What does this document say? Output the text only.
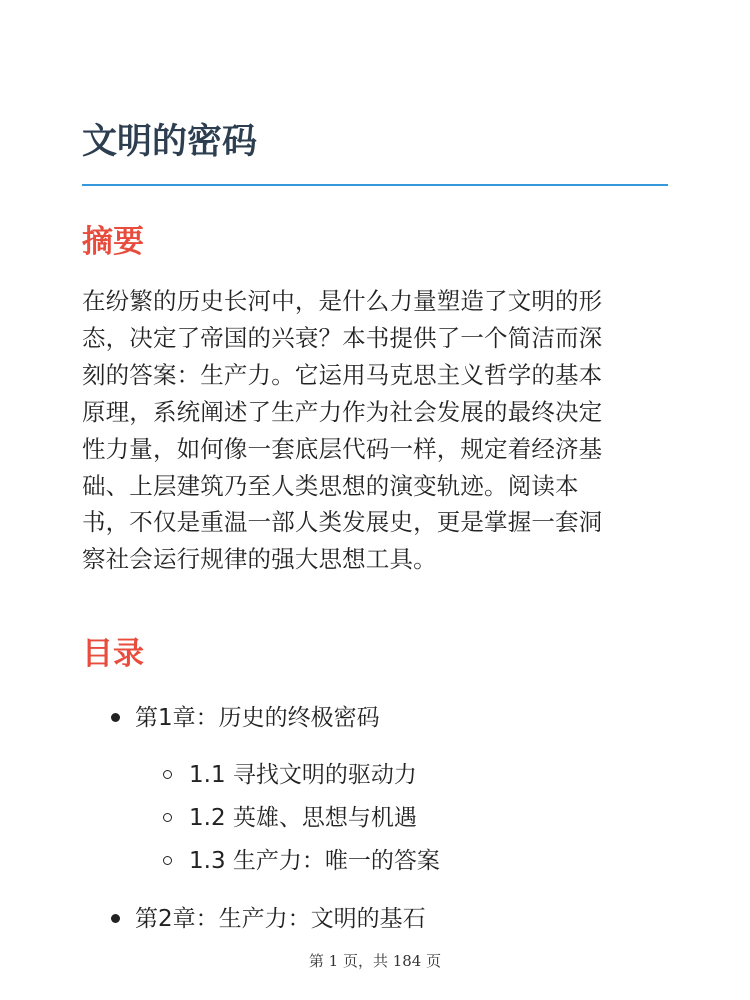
文明的密码
摘要
在纷繁的历史长河中，是什么力量塑造了文明的形
态，决定了帝国的兴衰？本书提供了一个简洁而深
刻的答案：生产力。它运用马克思主义哲学的基本
原理，系统阐述了生产力作为社会发展的最终决定
性力量，如何像一套底层代码一样，规定着经济基
础、上层建筑乃至人类思想的演变轨迹。阅读本
书，不仅是重温一部人类发展史，更是掌握一套洞
察社会运行规律的强大思想工具。
目录
第1章：历史的终极密码
1.1 寻找文明的驱动力
1.2 英雄、思想与机遇
1.3 生产力：唯一的答案
第2章：生产力：文明的基石
第 1 页，共 184 页
